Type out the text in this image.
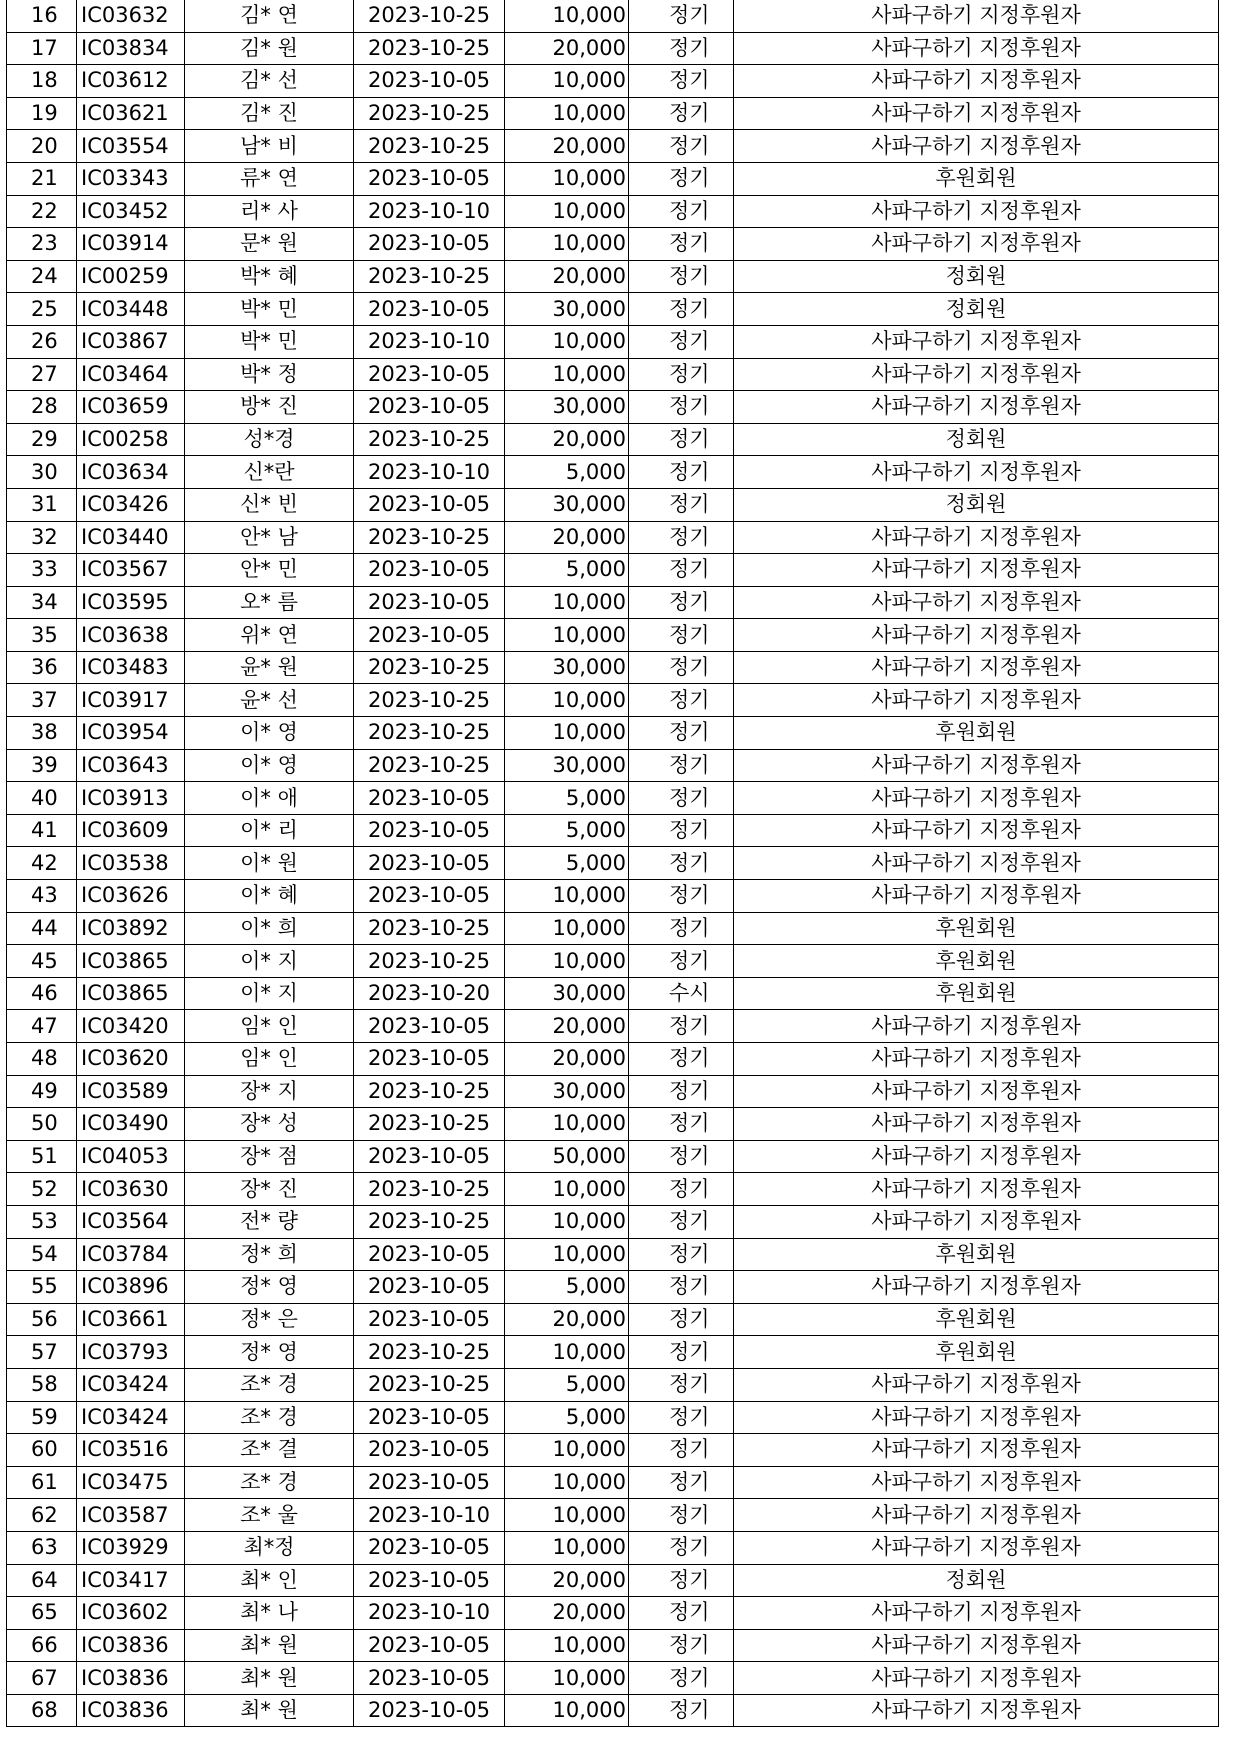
16	IC03632	김* 연	2023-10-25	10,000	정기	사파구하기 지정후원자
17	IC03834	김* 원	2023-10-25	20,000	정기	사파구하기 지정후원자
18	IC03612	김* 선	2023-10-05	10,000	정기	사파구하기 지정후원자
19	IC03621	김* 진	2023-10-25	10,000	정기	사파구하기 지정후원자
20	IC03554	남* 비	2023-10-25	20,000	정기	사파구하기 지정후원자
21	IC03343	류* 연	2023-10-05	10,000	정기	후원회원
22	IC03452	리* 사	2023-10-10	10,000	정기	사파구하기 지정후원자
23	IC03914	문* 원	2023-10-05	10,000	정기	사파구하기 지정후원자
24	IC00259	박* 혜	2023-10-25	20,000	정기	정회원
25	IC03448	박* 민	2023-10-05	30,000	정기	정회원
26	IC03867	박* 민	2023-10-10	10,000	정기	사파구하기 지정후원자
27	IC03464	박* 정	2023-10-05	10,000	정기	사파구하기 지정후원자
28	IC03659	방* 진	2023-10-05	30,000	정기	사파구하기 지정후원자
29	IC00258	성*경	2023-10-25	20,000	정기	정회원
30	IC03634	신*란	2023-10-10	5,000	정기	사파구하기 지정후원자
31	IC03426	신* 빈	2023-10-05	30,000	정기	정회원
32	IC03440	안* 남	2023-10-25	20,000	정기	사파구하기 지정후원자
33	IC03567	안* 민	2023-10-05	5,000	정기	사파구하기 지정후원자
34	IC03595	오* 름	2023-10-05	10,000	정기	사파구하기 지정후원자
35	IC03638	위* 연	2023-10-05	10,000	정기	사파구하기 지정후원자
36	IC03483	윤* 원	2023-10-25	30,000	정기	사파구하기 지정후원자
37	IC03917	윤* 선	2023-10-25	10,000	정기	사파구하기 지정후원자
38	IC03954	이* 영	2023-10-25	10,000	정기	후원회원
39	IC03643	이* 영	2023-10-25	30,000	정기	사파구하기 지정후원자
40	IC03913	이* 애	2023-10-05	5,000	정기	사파구하기 지정후원자
41	IC03609	이* 리	2023-10-05	5,000	정기	사파구하기 지정후원자
42	IC03538	이* 원	2023-10-05	5,000	정기	사파구하기 지정후원자
43	IC03626	이* 혜	2023-10-05	10,000	정기	사파구하기 지정후원자
44	IC03892	이* 희	2023-10-25	10,000	정기	후원회원
45	IC03865	이* 지	2023-10-25	10,000	정기	후원회원
46	IC03865	이* 지	2023-10-20	30,000	수시	후원회원
47	IC03420	임* 인	2023-10-05	20,000	정기	사파구하기 지정후원자
48	IC03620	임* 인	2023-10-05	20,000	정기	사파구하기 지정후원자
49	IC03589	장* 지	2023-10-25	30,000	정기	사파구하기 지정후원자
50	IC03490	장* 성	2023-10-25	10,000	정기	사파구하기 지정후원자
51	IC04053	장* 점	2023-10-05	50,000	정기	사파구하기 지정후원자
52	IC03630	장* 진	2023-10-25	10,000	정기	사파구하기 지정후원자
53	IC03564	전* 량	2023-10-25	10,000	정기	사파구하기 지정후원자
54	IC03784	정* 희	2023-10-05	10,000	정기	후원회원
55	IC03896	정* 영	2023-10-05	5,000	정기	사파구하기 지정후원자
56	IC03661	정* 은	2023-10-05	20,000	정기	후원회원
57	IC03793	정* 영	2023-10-25	10,000	정기	후원회원
58	IC03424	조* 경	2023-10-25	5,000	정기	사파구하기 지정후원자
59	IC03424	조* 경	2023-10-05	5,000	정기	사파구하기 지정후원자
60	IC03516	조* 결	2023-10-05	10,000	정기	사파구하기 지정후원자
61	IC03475	조* 경	2023-10-05	10,000	정기	사파구하기 지정후원자
62	IC03587	조* 울	2023-10-10	10,000	정기	사파구하기 지정후원자
63	IC03929	최*정	2023-10-05	10,000	정기	사파구하기 지정후원자
64	IC03417	최* 인	2023-10-05	20,000	정기	정회원
65	IC03602	최* 나	2023-10-10	20,000	정기	사파구하기 지정후원자
66	IC03836	최* 원	2023-10-05	10,000	정기	사파구하기 지정후원자
67	IC03836	최* 원	2023-10-05	10,000	정기	사파구하기 지정후원자
68	IC03836	최* 원	2023-10-05	10,000	정기	사파구하기 지정후원자
